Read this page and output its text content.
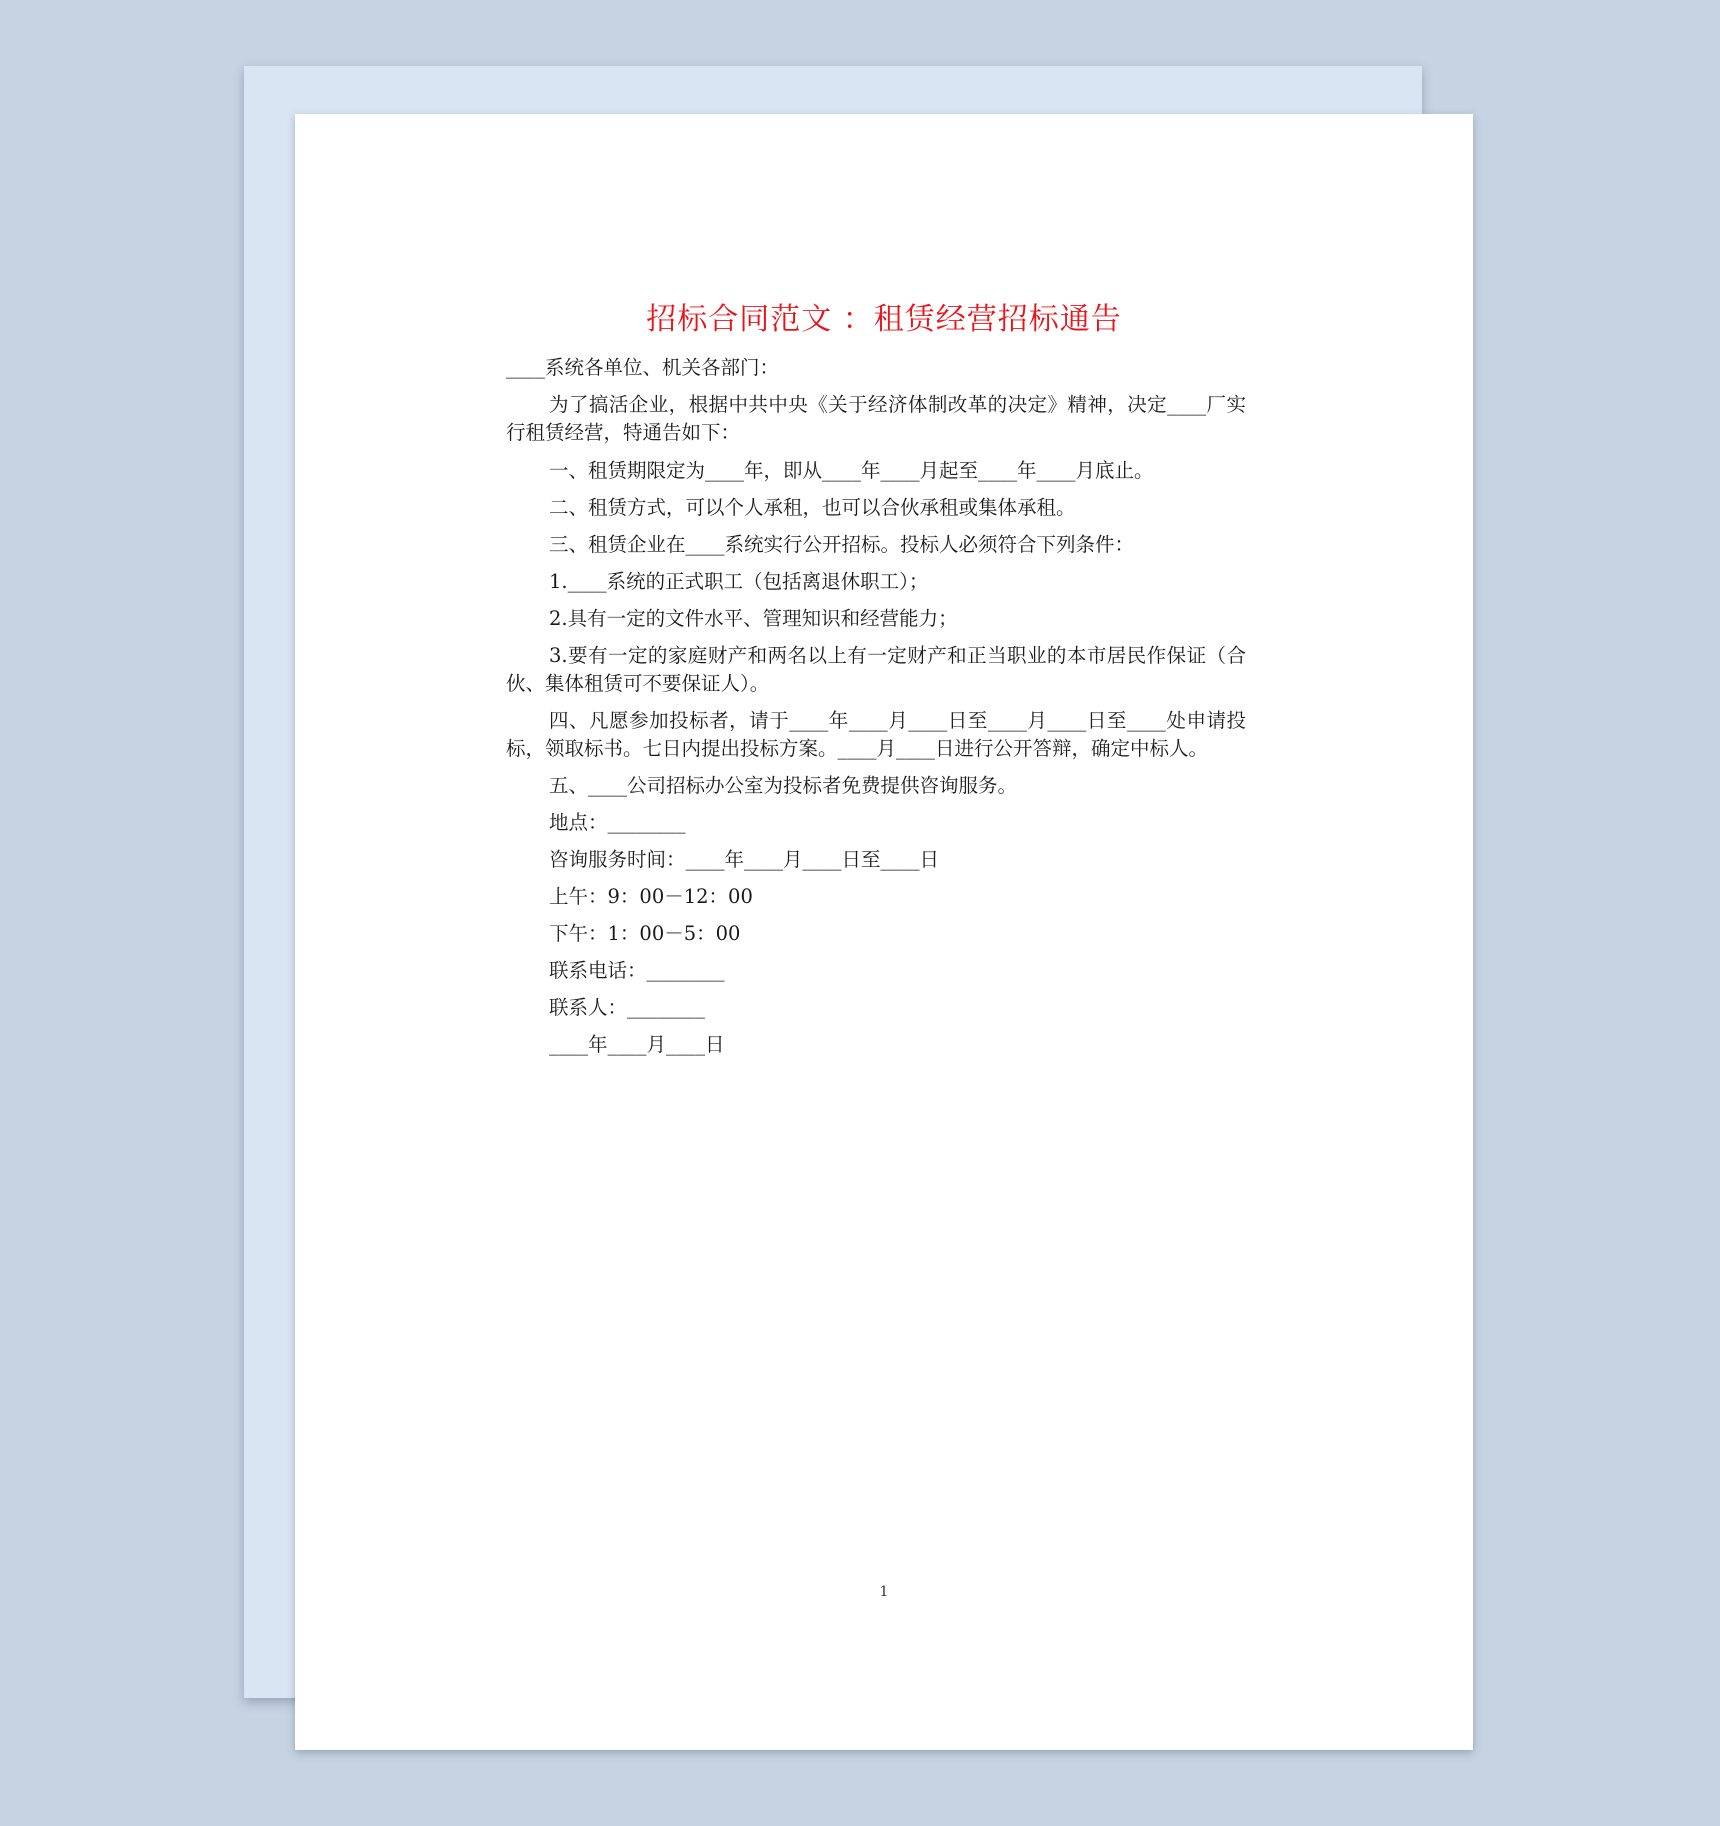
招标合同范文 ：租赁经营招标通告

____系统各单位、机关各部门：

为了搞活企业，根据中共中央《关于经济体制改革的决定》精神，决定____厂实行租赁经营，特通告如下：

一、租赁期限定为____年，即从____年____月起至____年____月底止。

二、租赁方式，可以个人承租，也可以合伙承租或集体承租。

三、租赁企业在____系统实行公开招标。投标人必须符合下列条件：

1.____系统的正式职工（包括离退休职工）；

2.具有一定的文件水平、管理知识和经营能力；

3.要有一定的家庭财产和两名以上有一定财产和正当职业的本市居民作保证（合伙、集体租赁可不要保证人）。

四、凡愿参加投标者，请于____年____月____日至____月____日至____处申请投标，领取标书。七日内提出投标方案。____月____日进行公开答辩，确定中标人。

五、____公司招标办公室为投标者免费提供咨询服务。

地点：________

咨询服务时间：____年____月____日至____日

上午：9：00－12：00

下午：1：00－5：00

联系电话：________

联系人：________

____年____月____日

1
